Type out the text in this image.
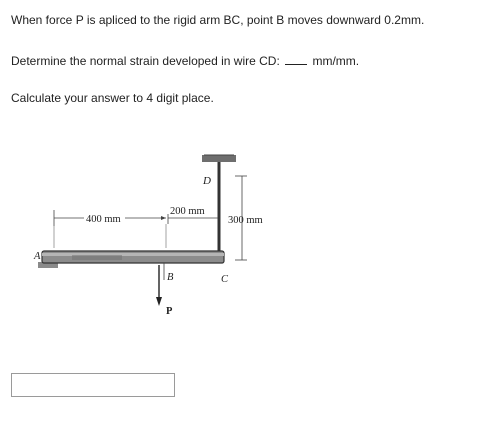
When force P is apliced to the rigid arm BC, point B moves downward 0.2mm.

Determine the normal strain developed in wire CD:	mm/mm.

Calculate your answer to 4 digit place.

D
300 mm
200 mm
400 mm
A
B	C
P
